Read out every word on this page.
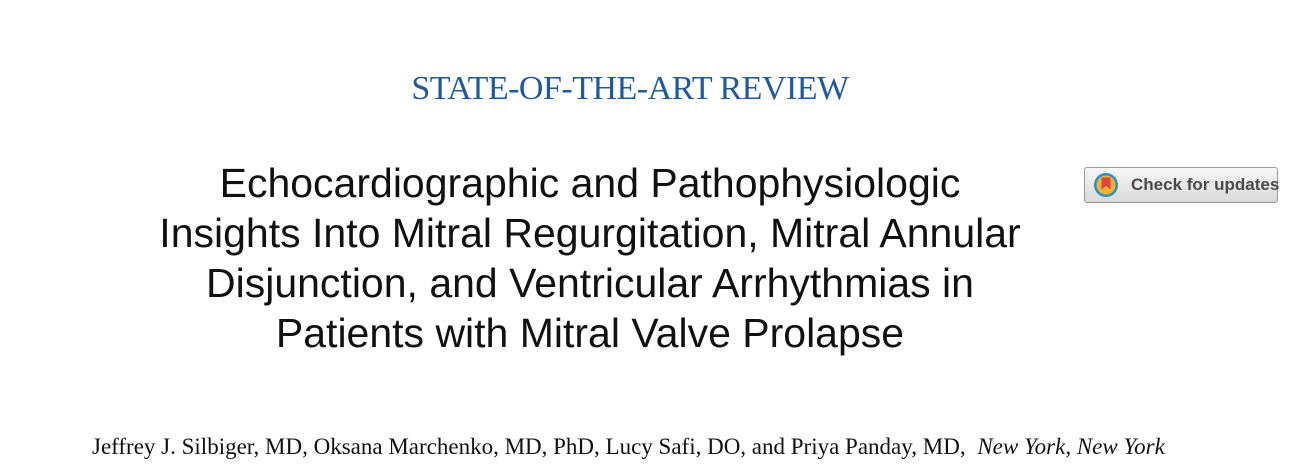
STATE-OF-THE-ART REVIEW
Echocardiographic and Pathophysiologic Insights Into Mitral Regurgitation, Mitral Annular Disjunction, and Ventricular Arrhythmias in Patients with Mitral Valve Prolapse
Check for updates
Jeffrey J. Silbiger, MD, Oksana Marchenko, MD, PhD, Lucy Safi, DO, and Priya Panday, MD, New York, New York
